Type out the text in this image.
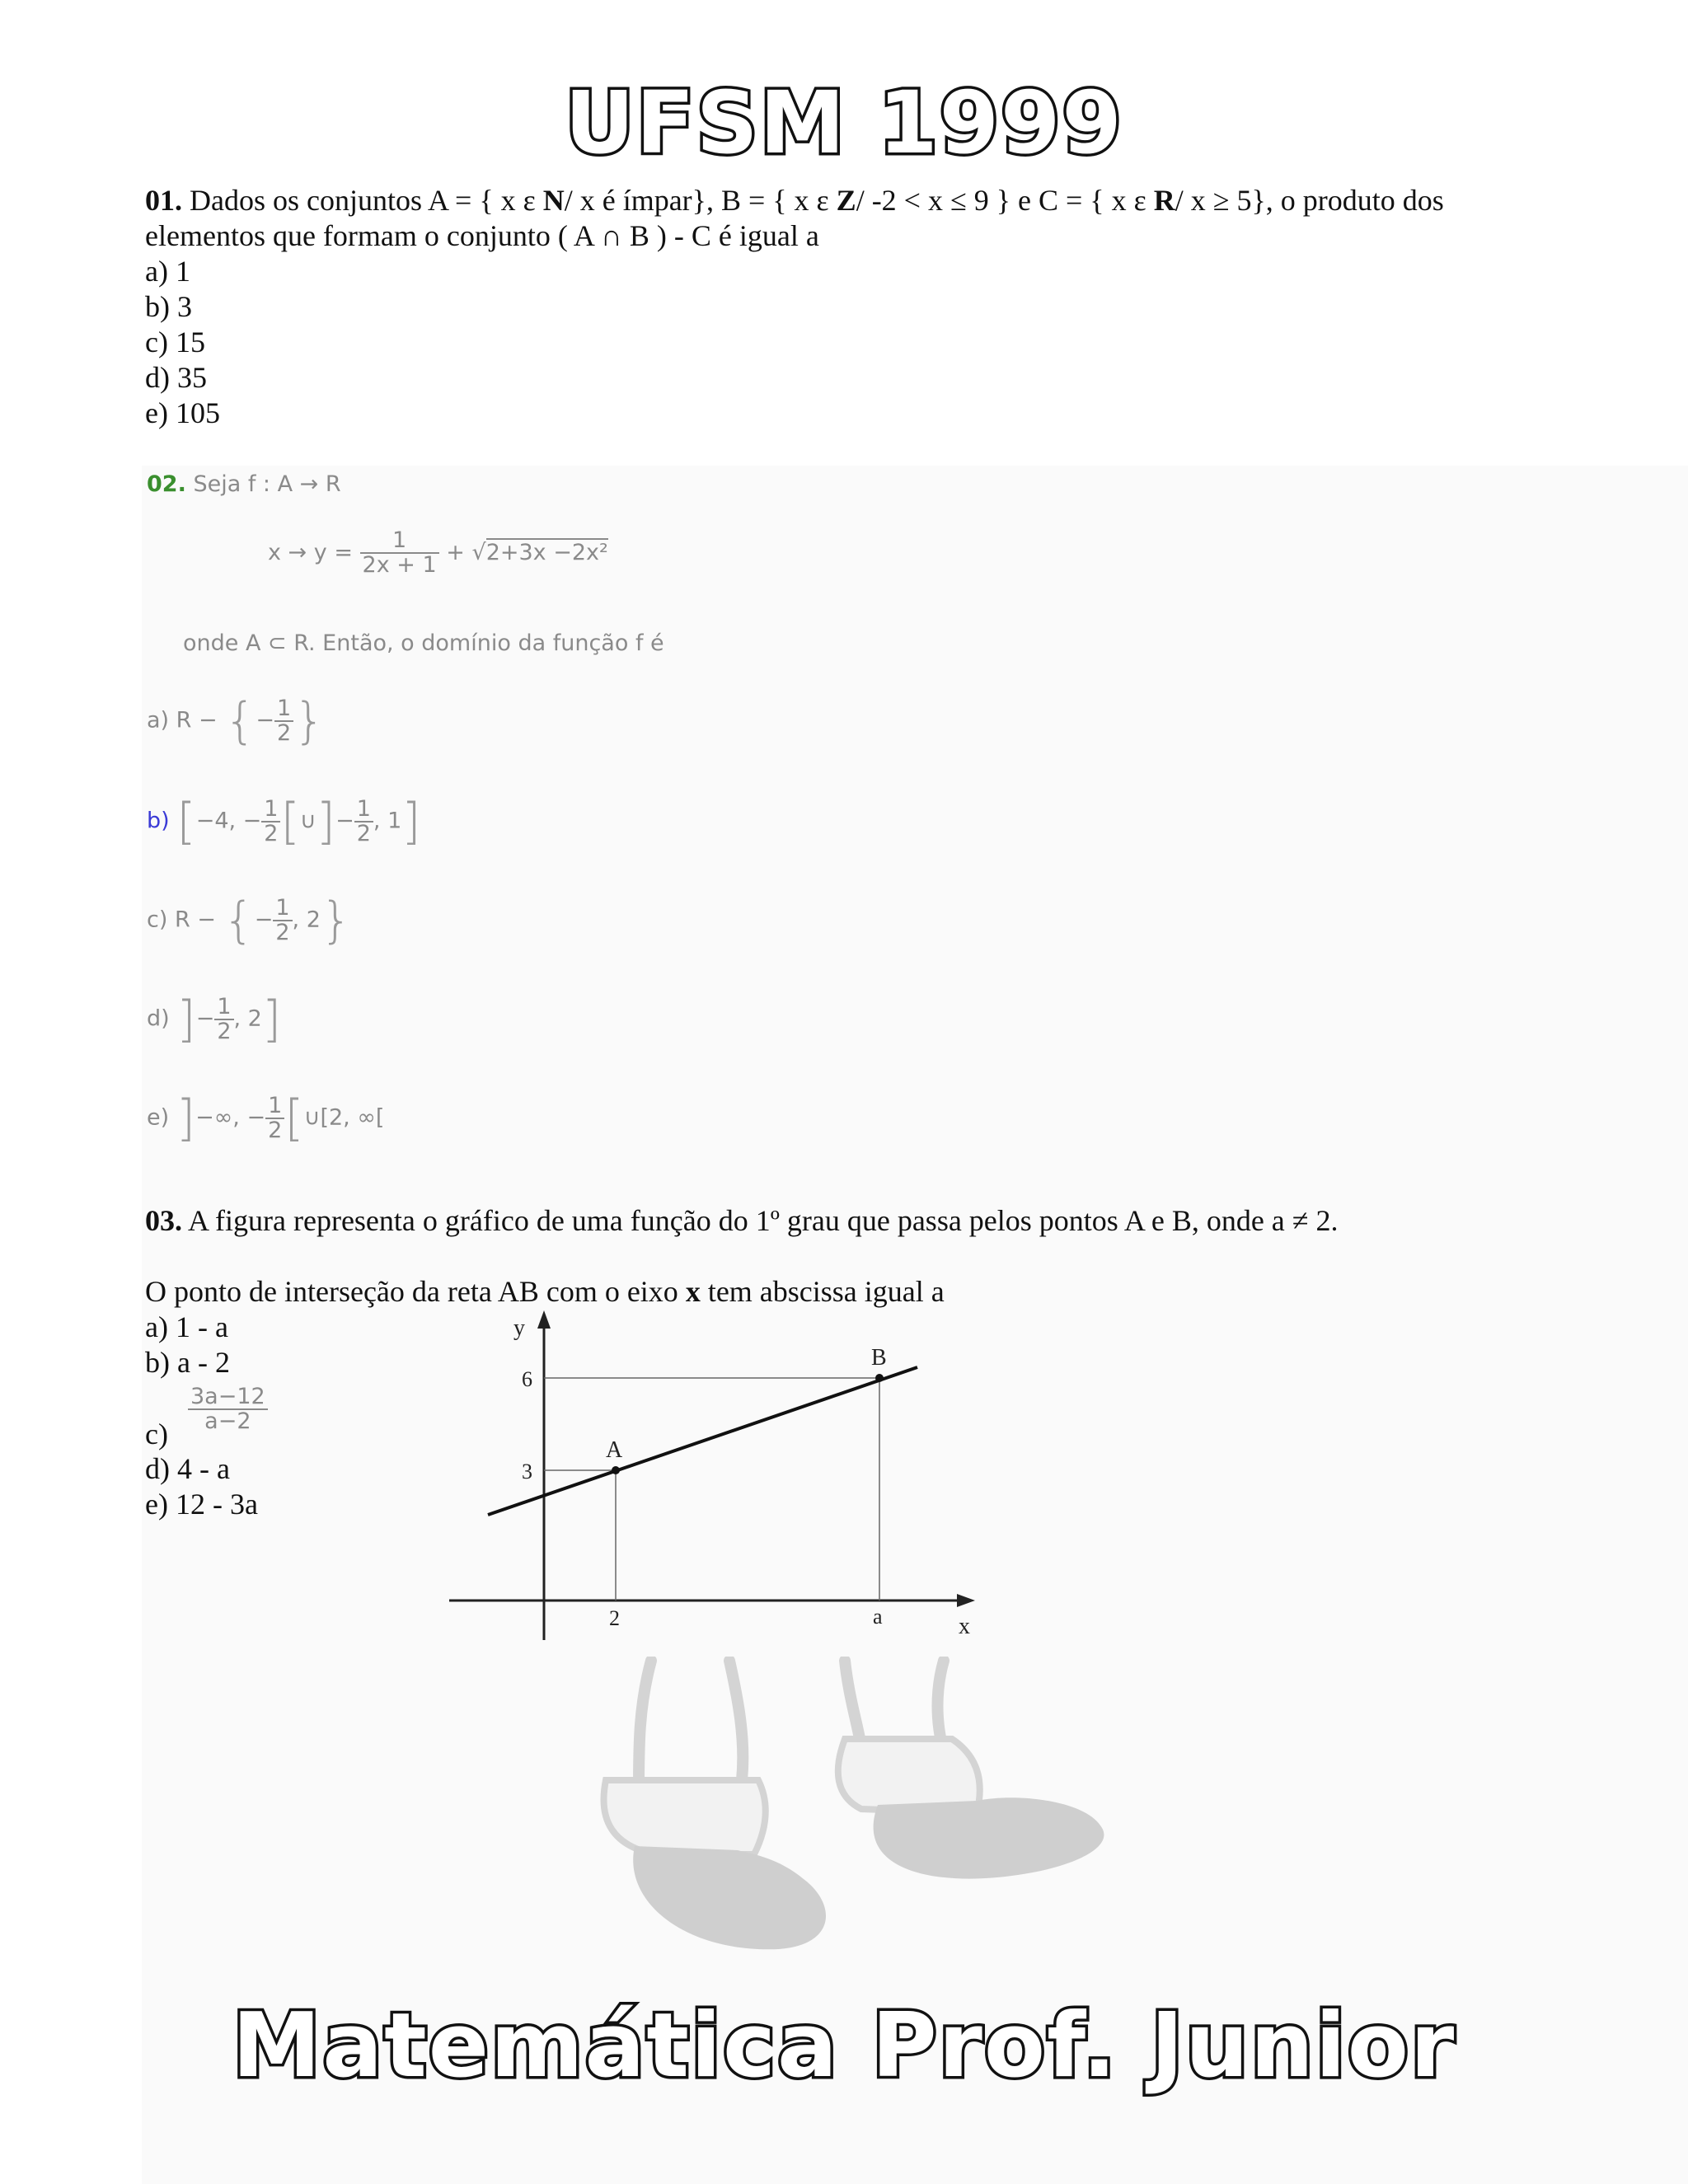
UFSM 1999
01. Dados os conjuntos A = { x ε N/ x é ímpar}, B = { x ε Z/ -2 < x ≤ 9 } e C = { x ε R/ x ≥ 5}, o produto dos
elementos que formam o conjunto ( A ∩ B ) - C é igual a
a) 1
b) 3
c) 15
d) 35
e) 105
02. Seja f : A → R
$x \to y = \frac{1}{2x + 1} + √2+3x -2x^2$
onde A ⊂ R. Então, o domínio da função f é
a) R − {− $\frac{1}{2}$ }
b) [−4, − $\frac{1}{2}$ [∪]− $\frac{1}{2}$ , 1]
c) R − {− $\frac{1}{2}$ , 2}
d) ]− $\frac{1}{2}$ , 2]
e) ]−∞, − $\frac{1}{2}$ [∪[2, ∞[
03. A figura representa o gráfico de uma função do 1º grau que passa pelos pontos A e B, onde a ≠ 2.
O ponto de interseção da reta AB com o eixo x tem abscissa igual a
a) 1 - a
b) a - 2
c)
$\frac{3a-12}{a-2}$
d) 4 - a
e) 12 - 3a
y
x
A
B
6
3
2	a
Matemática Prof. Junior
